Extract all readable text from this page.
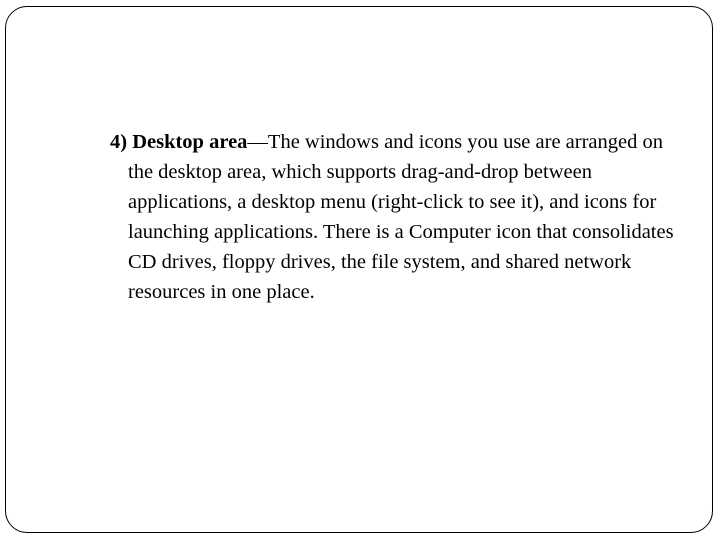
4) Desktop area—The windows and icons you use are arranged on the desktop area, which supports drag-and-drop between applications, a desktop menu (right-click to see it), and icons for launching applications. There is a Computer icon that consolidates CD drives, floppy drives, the file system, and shared network resources in one place.
